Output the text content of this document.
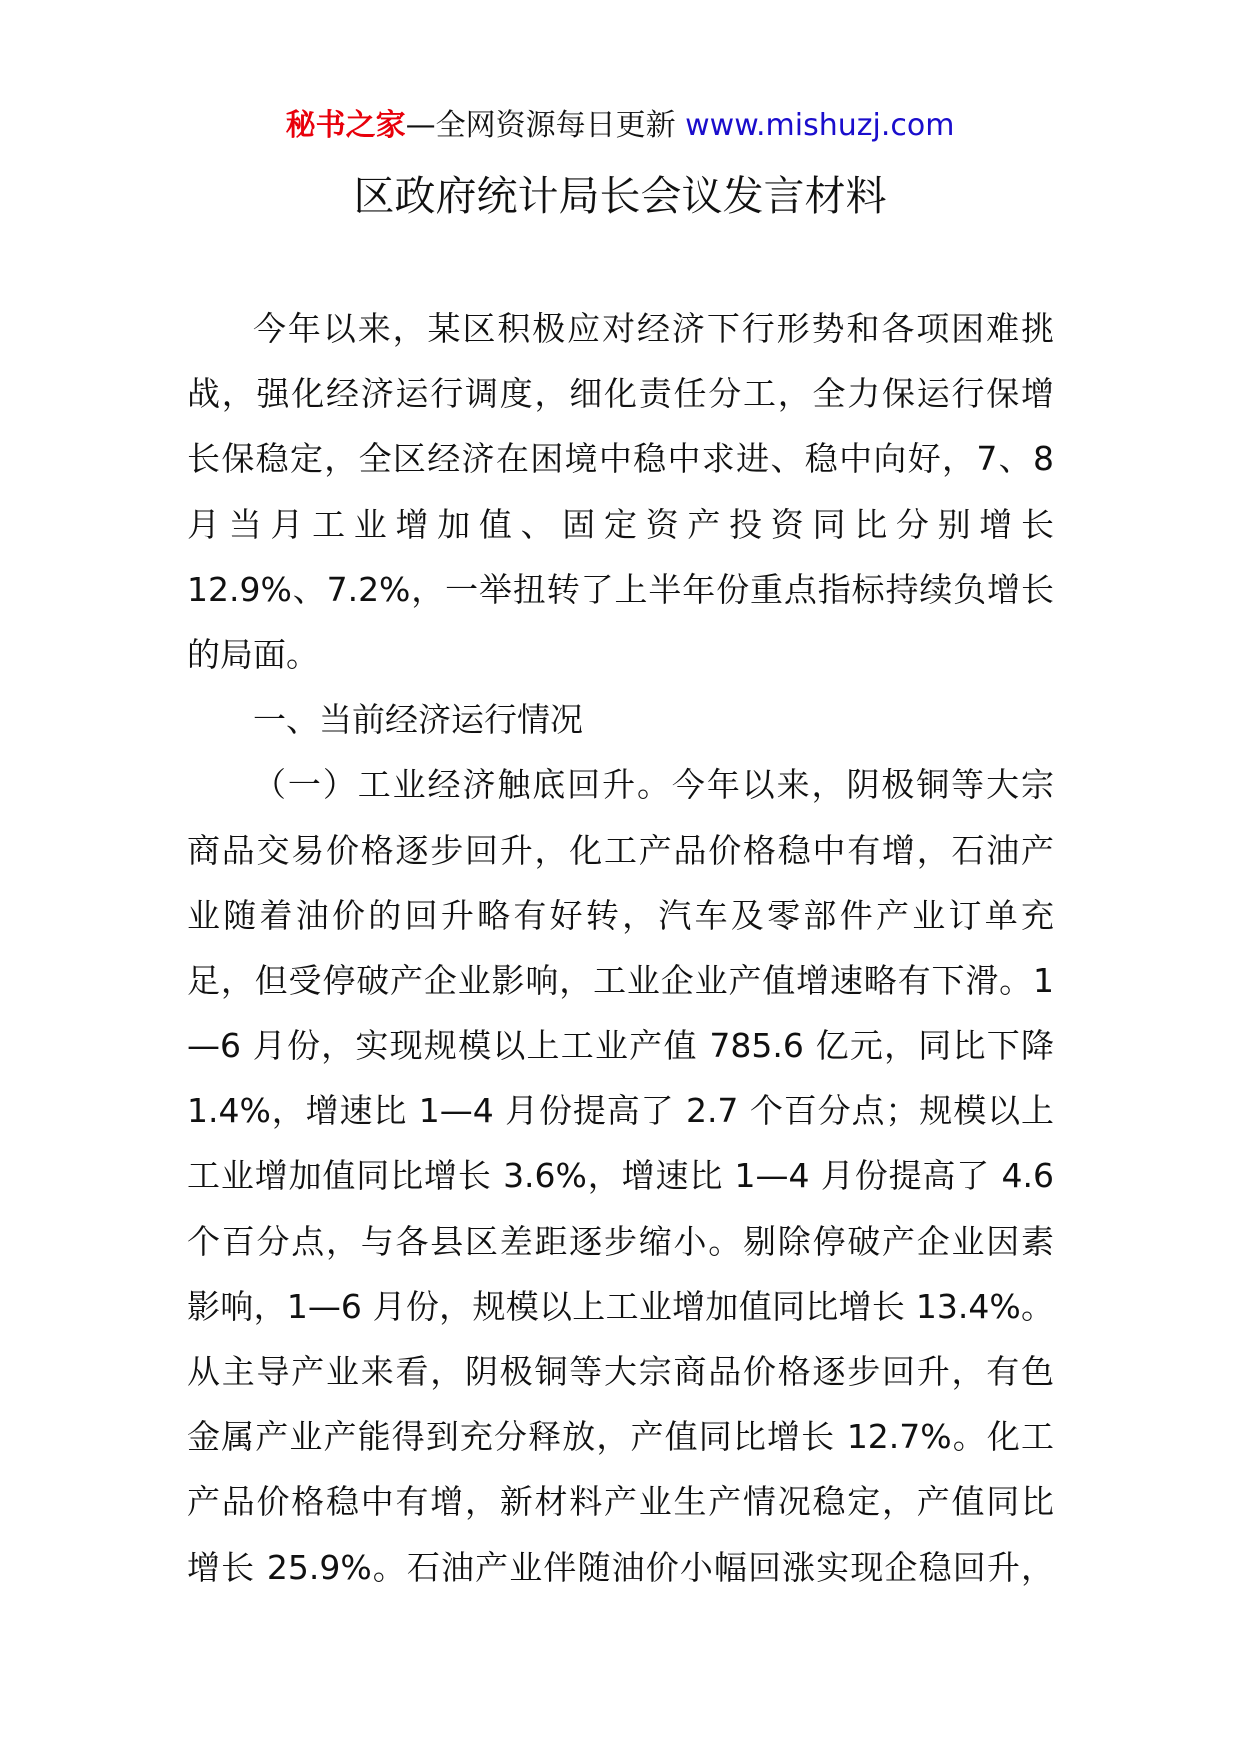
秘书之家—全网资源每日更新 www.mishuzj.com
区政府统计局长会议发言材料
今年以来，某区积极应对经济下行形势和各项困难挑
战，强化经济运行调度，细化责任分工，全力保运行保增
长保稳定，全区经济在困境中稳中求进、稳中向好，7、8
月当月工业增加值、固定资产投资同比分别增长
12.9%、7.2%，一举扭转了上半年份重点指标持续负增长
的局面。
一、当前经济运行情况
（一）工业经济触底回升。今年以来，阴极铜等大宗
商品交易价格逐步回升，化工产品价格稳中有增，石油产
业随着油价的回升略有好转，汽车及零部件产业订单充
足，但受停破产企业影响，工业企业产值增速略有下滑。1
—6 月份，实现规模以上工业产值 785.6 亿元，同比下降
1.4%，增速比 1—4 月份提高了 2.7 个百分点；规模以上
工业增加值同比增长 3.6%，增速比 1—4 月份提高了 4.6
个百分点，与各县区差距逐步缩小。剔除停破产企业因素
影响，1—6 月份，规模以上工业增加值同比增长 13.4%。
从主导产业来看，阴极铜等大宗商品价格逐步回升，有色
金属产业产能得到充分释放，产值同比增长 12.7%。化工
产品价格稳中有增，新材料产业生产情况稳定，产值同比
增长 25.9%。石油产业伴随油价小幅回涨实现企稳回升，
